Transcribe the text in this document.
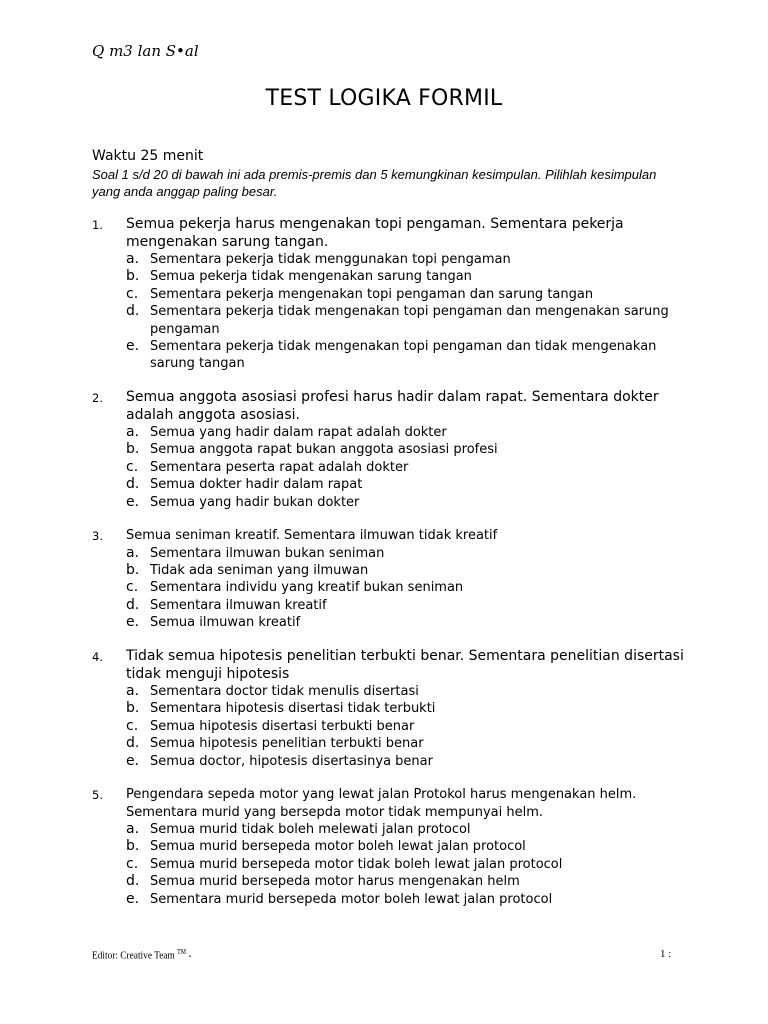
Q m3 lan S•al
TEST LOGIKA FORMIL
Waktu 25 menit
Soal 1 s/d 20 di bawah ini ada premis-premis dan 5 kemungkinan kesimpulan. Pilihlah kesimpulan yang anda anggap paling besar.
1. Semua pekerja harus mengenakan topi pengaman. Sementara pekerja mengenakan sarung tangan.
a. Sementara pekerja tidak menggunakan topi pengaman
b. Semua pekerja tidak mengenakan sarung tangan
c. Sementara pekerja mengenakan topi pengaman dan sarung tangan
d. Sementara pekerja tidak mengenakan topi pengaman dan mengenakan sarung pengaman
e. Sementara pekerja tidak mengenakan topi pengaman dan tidak mengenakan sarung tangan
2. Semua anggota asosiasi profesi harus hadir dalam rapat. Sementara dokter adalah anggota asosiasi.
a. Semua yang hadir dalam rapat adalah dokter
b. Semua anggota rapat bukan anggota asosiasi profesi
c. Sementara peserta rapat adalah dokter
d. Semua dokter hadir dalam rapat
e. Semua yang hadir bukan dokter
3. Semua seniman kreatif. Sementara ilmuwan tidak kreatif
a. Sementara ilmuwan bukan seniman
b. Tidak ada seniman yang ilmuwan
c. Sementara individu yang kreatif bukan seniman
d. Sementara ilmuwan kreatif
e. Semua ilmuwan kreatif
4. Tidak semua hipotesis penelitian terbukti benar. Sementara penelitian disertasi tidak menguji hipotesis
a. Sementara doctor tidak menulis disertasi
b. Sementara hipotesis disertasi tidak terbukti
c. Semua hipotesis disertasi terbukti benar
d. Semua hipotesis penelitian terbukti benar
e. Semua doctor, hipotesis disertasinya benar
5. Pengendara sepeda motor yang lewat jalan Protokol harus mengenakan helm. Sementara murid yang bersepda motor tidak mempunyai helm.
a. Semua murid tidak boleh melewati jalan protocol
b. Semua murid bersepeda motor boleh lewat jalan protocol
c. Semua murid bersepeda motor tidak boleh lewat jalan protocol
d. Semua murid bersepeda motor harus mengenakan helm
e. Sementara murid bersepeda motor boleh lewat jalan protocol
Editor: Creative Team ™ -	1 :
